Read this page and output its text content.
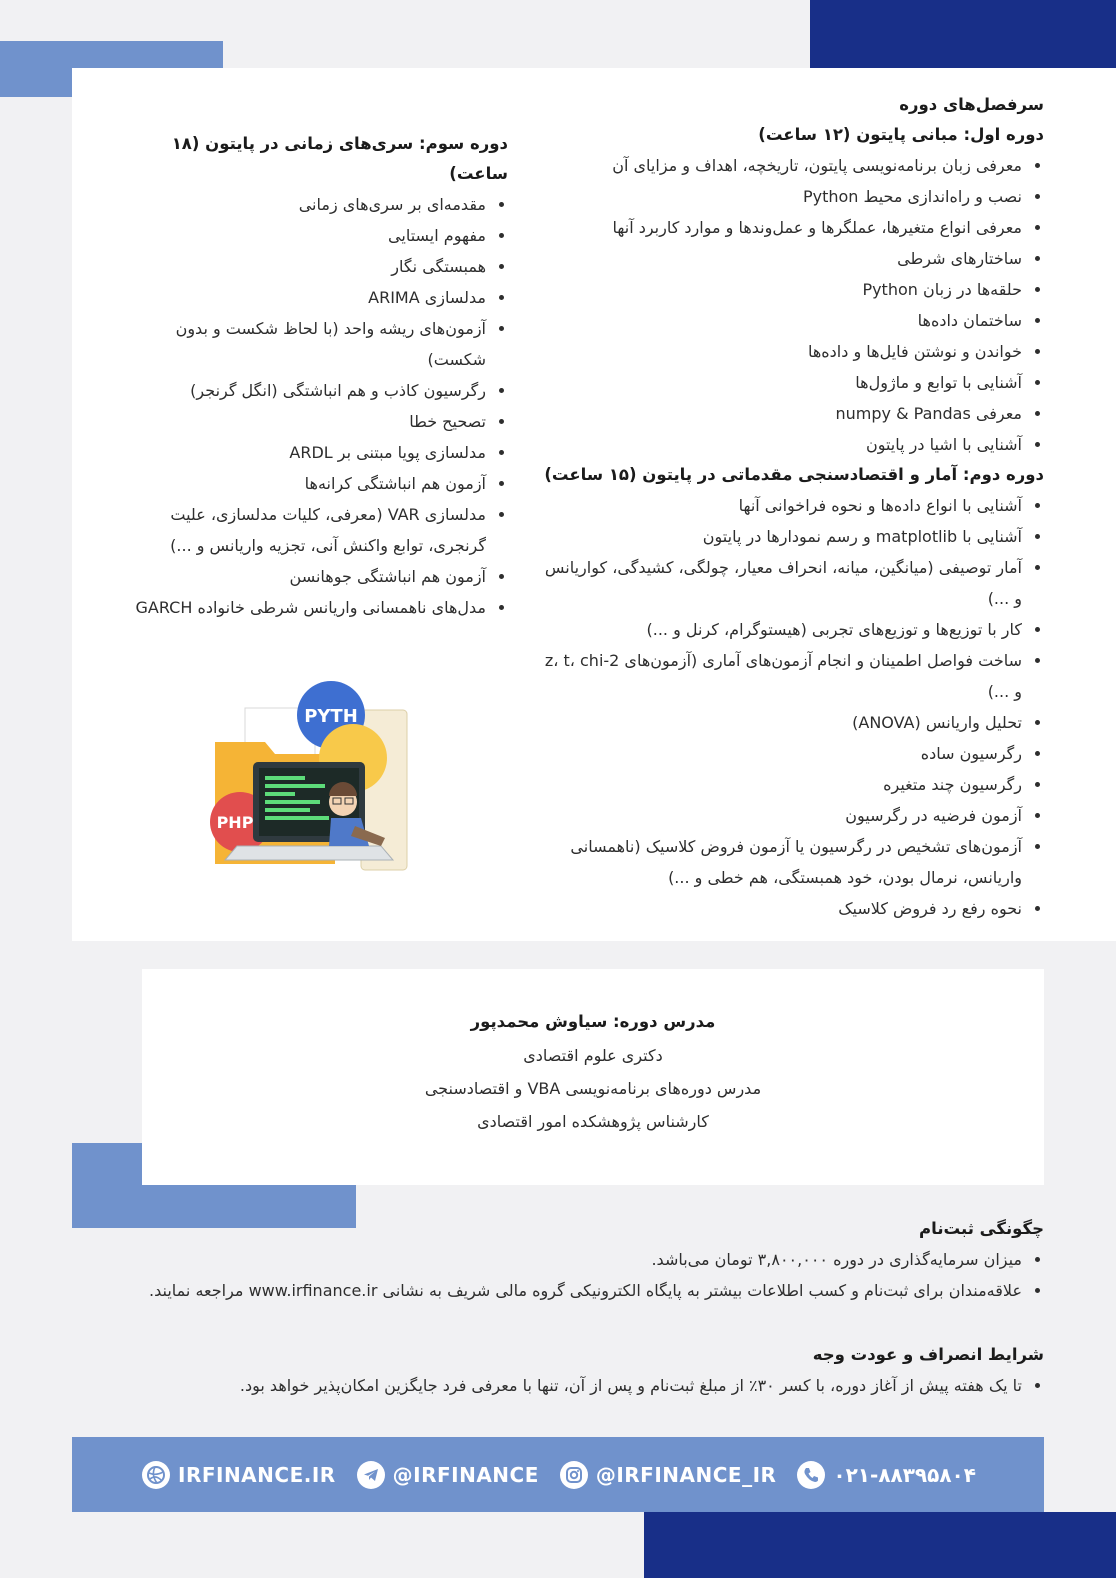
سرفصل‌های دوره
دوره اول: مبانی پایتون (۱۲ ساعت)
معرفی زبان برنامه‌نویسی پایتون، تاریخچه، اهداف و مزایای آن
نصب و راه‌اندازی محیط Python
معرفی انواع متغیرها، عملگرها و عمل‌وندها و موارد کاربرد آنها
ساختارهای شرطی
حلقه‌ها در زبان Python
ساختمان داده‌ها
خواندن و نوشتن فایل‌ها و داده‌ها
آشنایی با توابع و ماژول‌ها
معرفی numpy & Pandas
آشنایی با اشیا در پایتون
دوره دوم: آمار و اقتصادسنجی مقدماتی در پایتون (۱۵ ساعت)
آشنایی با انواع داده‌ها و نحوه فراخوانی آنها
آشنایی با matplotlib و رسم نمودارها در پایتون
آمار توصیفی (میانگین، میانه، انحراف معیار، چولگی، کشیدگی، کواریانس و ...)
کار با توزیع‌ها و توزیع‌های تجربی (هیستوگرام، کرنل و ...)
ساخت فواصل اطمینان و انجام آزمون‌های آماری (آزمون‌های z، t، chi-2 و ...)
تحلیل واریانس (ANOVA)
رگرسیون ساده
رگرسیون چند متغیره
آزمون فرضیه در رگرسیون
آزمون‌های تشخیص در رگرسیون یا آزمون فروض کلاسیک (ناهمسانی واریانس، نرمال بودن، خود همبستگی، هم خطی و ...)
نحوه رفع رد فروض کلاسیک
دوره سوم: سری‌های زمانی در پایتون (۱۸ ساعت)
مقدمه‌ای بر سری‌های زمانی
مفهوم ایستایی
همبستگی نگار
مدلسازی ARIMA
آزمون‌های ریشه واحد (با لحاظ شکست و بدون شکست)
رگرسیون کاذب و هم انباشتگی (انگل گرنجر)
تصحیح خطا
مدلسازی پویا مبتنی بر ARDL
آزمون هم انباشتگی کرانه‌ها
مدلسازی VAR (معرفی، کلیات مدلسازی، علیت گرنجری، توابع واکنش آنی، تجزیه واریانس و ...)
آزمون هم انباشتگی جوهانسن
مدل‌های ناهمسانی واریانس شرطی خانواده GARCH
PYTH
PHP
مدرس دوره: سیاوش محمدپور
دکتری علوم اقتصادی
مدرس دوره‌های برنامه‌نویسی VBA و اقتصادسنجی
کارشناس پژوهشکده امور اقتصادی
چگونگی ثبت‌نام
میزان سرمایه‌گذاری در دوره ۳,۸۰۰,۰۰۰ تومان می‌باشد.
علاقه‌مندان برای ثبت‌نام و کسب اطلاعات بیشتر به پایگاه الکترونیکی گروه مالی شریف به نشانی www.irfinance.ir مراجعه نمایند.
شرایط انصراف و عودت وجه
تا یک هفته پیش از آغاز دوره، با کسر ۳۰٪ از مبلغ ثبت‌نام و پس از آن، تنها با معرفی فرد جایگزین امکان‌پذیر خواهد بود.
IRFINANCE.IR	@IRFINANCE	@IRFINANCE_IR	۰۲۱-۸۸۳۹۵۸۰۴
